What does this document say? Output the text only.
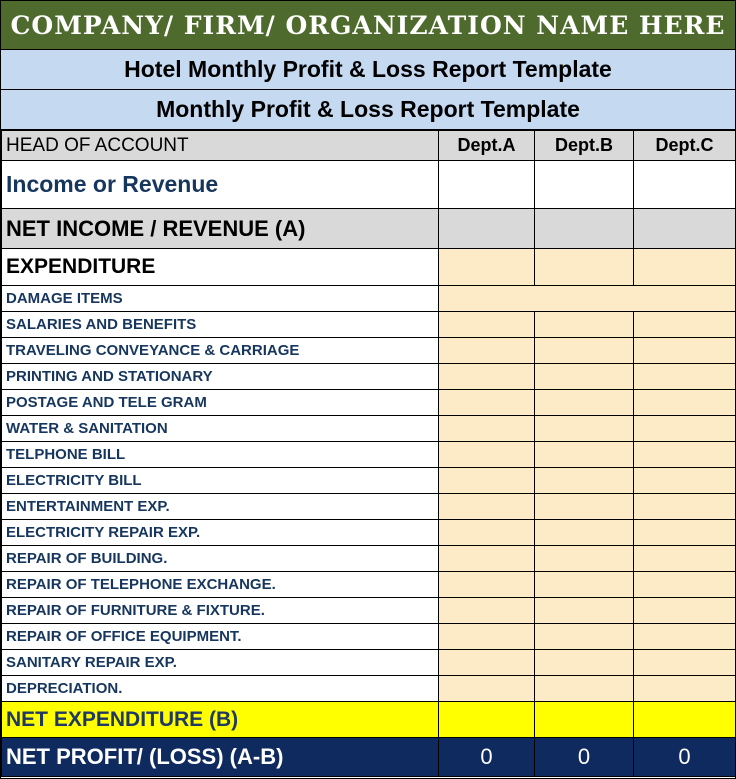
COMPANY/ FIRM/ ORGANIZATION NAME HERE
Hotel Monthly Profit & Loss Report Template
Monthly Profit & Loss Report Template
HEAD OF ACCOUNT	Dept.A	Dept.B	Dept.C
Income or Revenue			
NET INCOME / REVENUE (A)			
EXPENDITURE			
DAMAGE ITEMS			
SALARIES AND BENEFITS			
TRAVELING CONVEYANCE & CARRIAGE			
PRINTING AND STATIONARY			
POSTAGE AND TELE GRAM			
WATER & SANITATION			
TELPHONE BILL			
ELECTRICITY BILL			
ENTERTAINMENT EXP.			
ELECTRICITY REPAIR EXP.			
REPAIR OF BUILDING.			
REPAIR OF TELEPHONE EXCHANGE.			
REPAIR OF FURNITURE & FIXTURE.			
REPAIR OF OFFICE EQUIPMENT.			
SANITARY REPAIR EXP.			
DEPRECIATION.			
NET EXPENDITURE (B)			
NET PROFIT/ (LOSS) (A-B)	0	0	0
